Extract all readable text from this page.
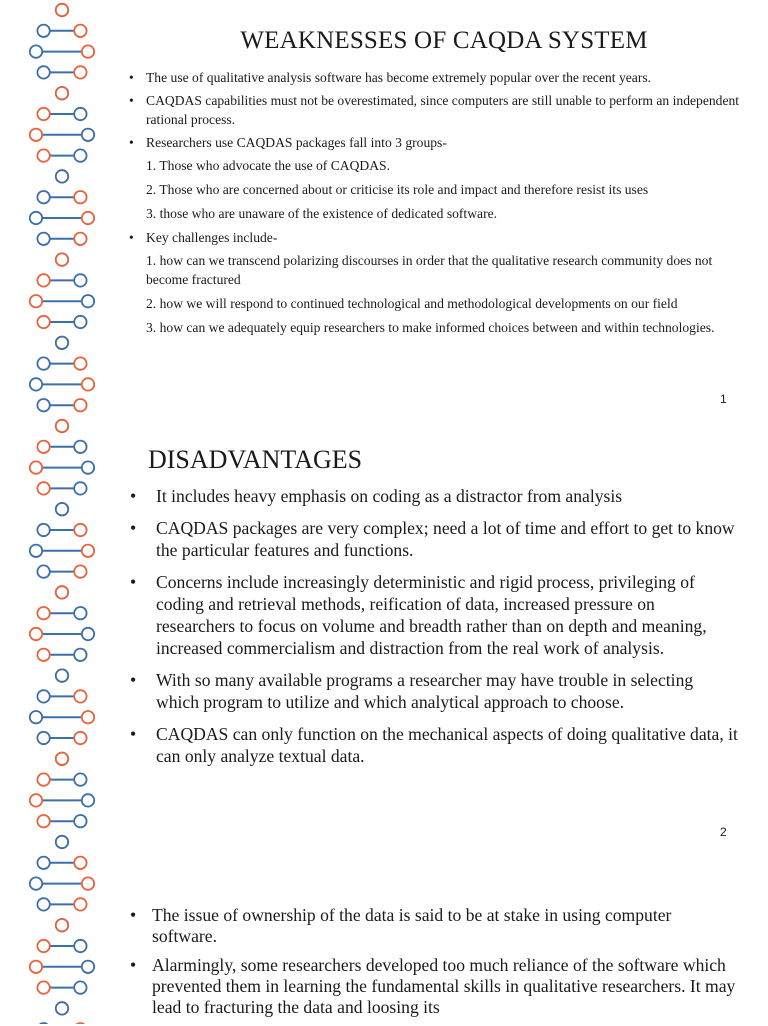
WEAKNESSES OF CAQDA SYSTEM
• The use of qualitative analysis software has become extremely popular over the recent years.
• CAQDAS capabilities must not be overestimated, since computers are still unable to perform an independent rational process.
• Researchers use CAQDAS packages fall into 3 groups-
1. Those who advocate the use of CAQDAS.
2. Those who are concerned about or criticise its role and impact and therefore resist its uses
3. those who are unaware of the existence of dedicated software.
• Key challenges include-
1. how can we transcend polarizing discourses in order that the qualitative research community does not become fractured
2. how we will respond to continued technological and methodological developments on our field
3. how can we adequately equip researchers to make informed choices between and within technologies.
1
DISADVANTAGES
• It includes heavy emphasis on coding as a distractor from analysis
• CAQDAS packages are very complex; need a lot of time and effort to get to know the particular features and functions.
• Concerns include increasingly deterministic and rigid process, privileging of coding and retrieval methods, reification of data, increased pressure on researchers to focus on volume and breadth rather than on depth and meaning, increased commercialism and distraction from the real work of analysis.
• With so many available programs a researcher may have trouble in selecting which program to utilize and which analytical approach to choose.
• CAQDAS can only function on the mechanical aspects of doing qualitative data, it can only analyze textual data.
2
• The issue of ownership of the data is said to be at stake in using computer software.
• Alarmingly, some researchers developed too much reliance of the software which prevented them in learning the fundamental skills in qualitative researchers. It may lead to fracturing the data and loosing its
